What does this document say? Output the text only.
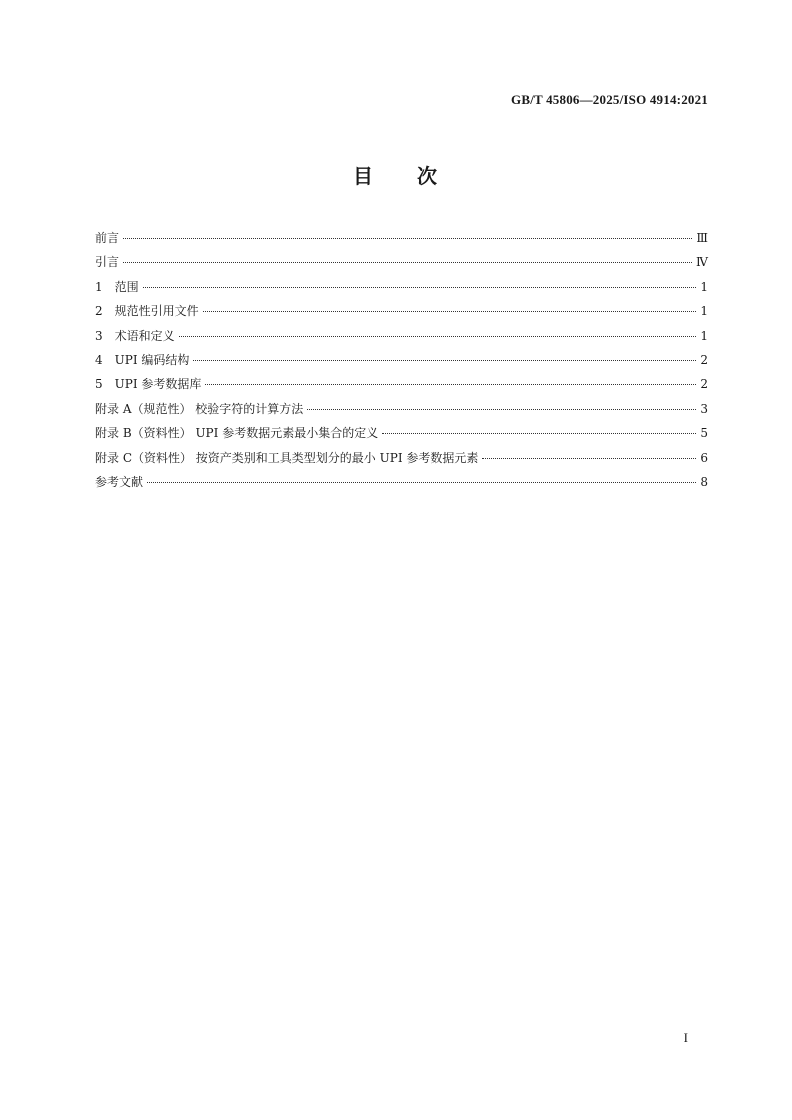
GB/T 45806—2025/ISO 4914:2021
目 次
前言	Ⅲ
引言	Ⅳ
1 范围	1
2 规范性引用文件	1
3 术语和定义	1
4 UPI 编码结构	2
5 UPI 参考数据库	2
附录 A（规范性） 校验字符的计算方法	3
附录 B（资料性） UPI 参考数据元素最小集合的定义	5
附录 C（资料性） 按资产类别和工具类型划分的最小 UPI 参考数据元素	6
参考文献	8
I
